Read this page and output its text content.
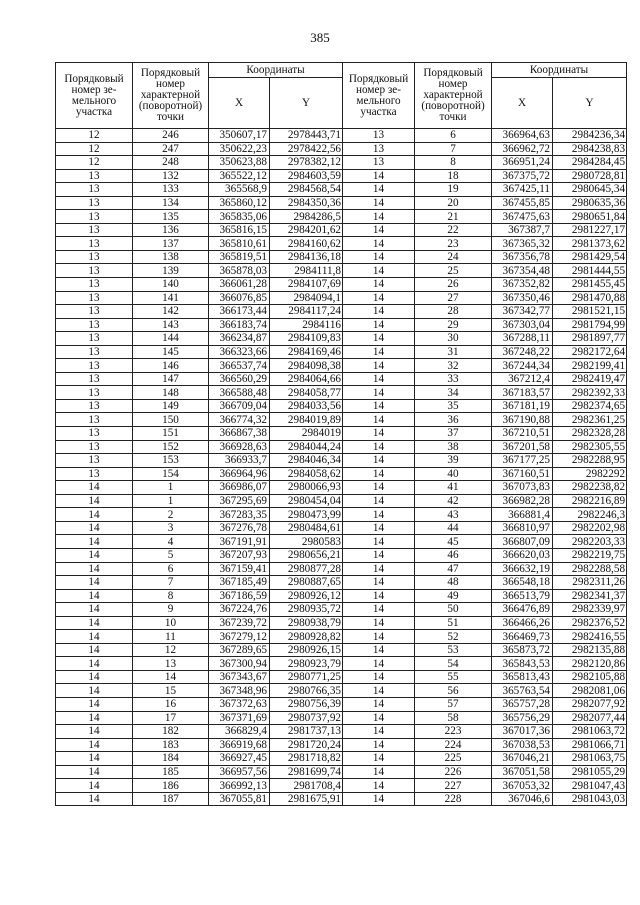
385
Порядковый номер зе-мельного участка	Порядковый номер характерной (поворотной) точки	Координаты		Порядковый номер зе-мельного участка	Порядковый номер характерной (поворотной) точки	Координаты	
		X	Y			X	Y
12	246	350607,17	2978443,71	13	6	366964,63	2984236,34
12	247	350622,23	2978422,56	13	7	366962,72	2984238,83
12	248	350623,88	2978382,12	13	8	366951,24	2984284,45
13	132	365522,12	2984603,59	14	18	367375,72	2980728,81
13	133	365568,9	2984568,54	14	19	367425,11	2980645,34
13	134	365860,12	2984350,36	14	20	367455,85	2980635,36
13	135	365835,06	2984286,5	14	21	367475,63	2980651,84
13	136	365816,15	2984201,62	14	22	367387,7	2981227,17
13	137	365810,61	2984160,62	14	23	367365,32	2981373,62
13	138	365819,51	2984136,18	14	24	367356,78	2981429,54
13	139	365878,03	2984111,8	14	25	367354,48	2981444,55
13	140	366061,28	2984107,69	14	26	367352,82	2981455,45
13	141	366076,85	2984094,1	14	27	367350,46	2981470,88
13	142	366173,44	2984117,24	14	28	367342,77	2981521,15
13	143	366183,74	2984116	14	29	367303,04	2981794,99
13	144	366234,87	2984109,83	14	30	367288,11	2981897,77
13	145	366323,66	2984169,46	14	31	367248,22	2982172,64
13	146	366537,74	2984098,38	14	32	367244,34	2982199,41
13	147	366560,29	2984064,66	14	33	367212,4	2982419,47
13	148	366588,48	2984058,77	14	34	367183,57	2982392,33
13	149	366709,04	2984033,56	14	35	367181,19	2982374,65
13	150	366774,32	2984019,89	14	36	367190,88	2982361,25
13	151	366867,38	2984019	14	37	367210,51	2982328,28
13	152	366928,63	2984044,24	14	38	367201,58	2982305,55
13	153	366933,7	2984046,34	14	39	367177,25	2982288,95
13	154	366964,96	2984058,62	14	40	367160,51	2982292
14	1	366986,07	2980066,93	14	41	367073,83	2982238,82
14	1	367295,69	2980454,04	14	42	366982,28	2982216,89
14	2	367283,35	2980473,99	14	43	366881,4	2982246,3
14	3	367276,78	2980484,61	14	44	366810,97	2982202,98
14	4	367191,91	2980583	14	45	366807,09	2982203,33
14	5	367207,93	2980656,21	14	46	366620,03	2982219,75
14	6	367159,41	2980877,28	14	47	366632,19	2982288,58
14	7	367185,49	2980887,65	14	48	366548,18	2982311,26
14	8	367186,59	2980926,12	14	49	366513,79	2982341,37
14	9	367224,76	2980935,72	14	50	366476,89	2982339,97
14	10	367239,72	2980938,79	14	51	366466,26	2982376,52
14	11	367279,12	2980928,82	14	52	366469,73	2982416,55
14	12	367289,65	2980926,15	14	53	365873,72	2982135,88
14	13	367300,94	2980923,79	14	54	365843,53	2982120,86
14	14	367343,67	2980771,25	14	55	365813,43	2982105,88
14	15	367348,96	2980766,35	14	56	365763,54	2982081,06
14	16	367372,63	2980756,39	14	57	365757,28	2982077,92
14	17	367371,69	2980737,92	14	58	365756,29	2982077,44
14	182	366829,4	2981737,13	14	223	367017,36	2981063,72
14	183	366919,68	2981720,24	14	224	367038,53	2981066,71
14	184	366927,45	2981718,82	14	225	367046,21	2981063,75
14	185	366957,56	2981699,74	14	226	367051,58	2981055,29
14	186	366992,13	2981708,4	14	227	367053,32	2981047,43
14	187	367055,81	2981675,91	14	228	367046,6	2981043,03
